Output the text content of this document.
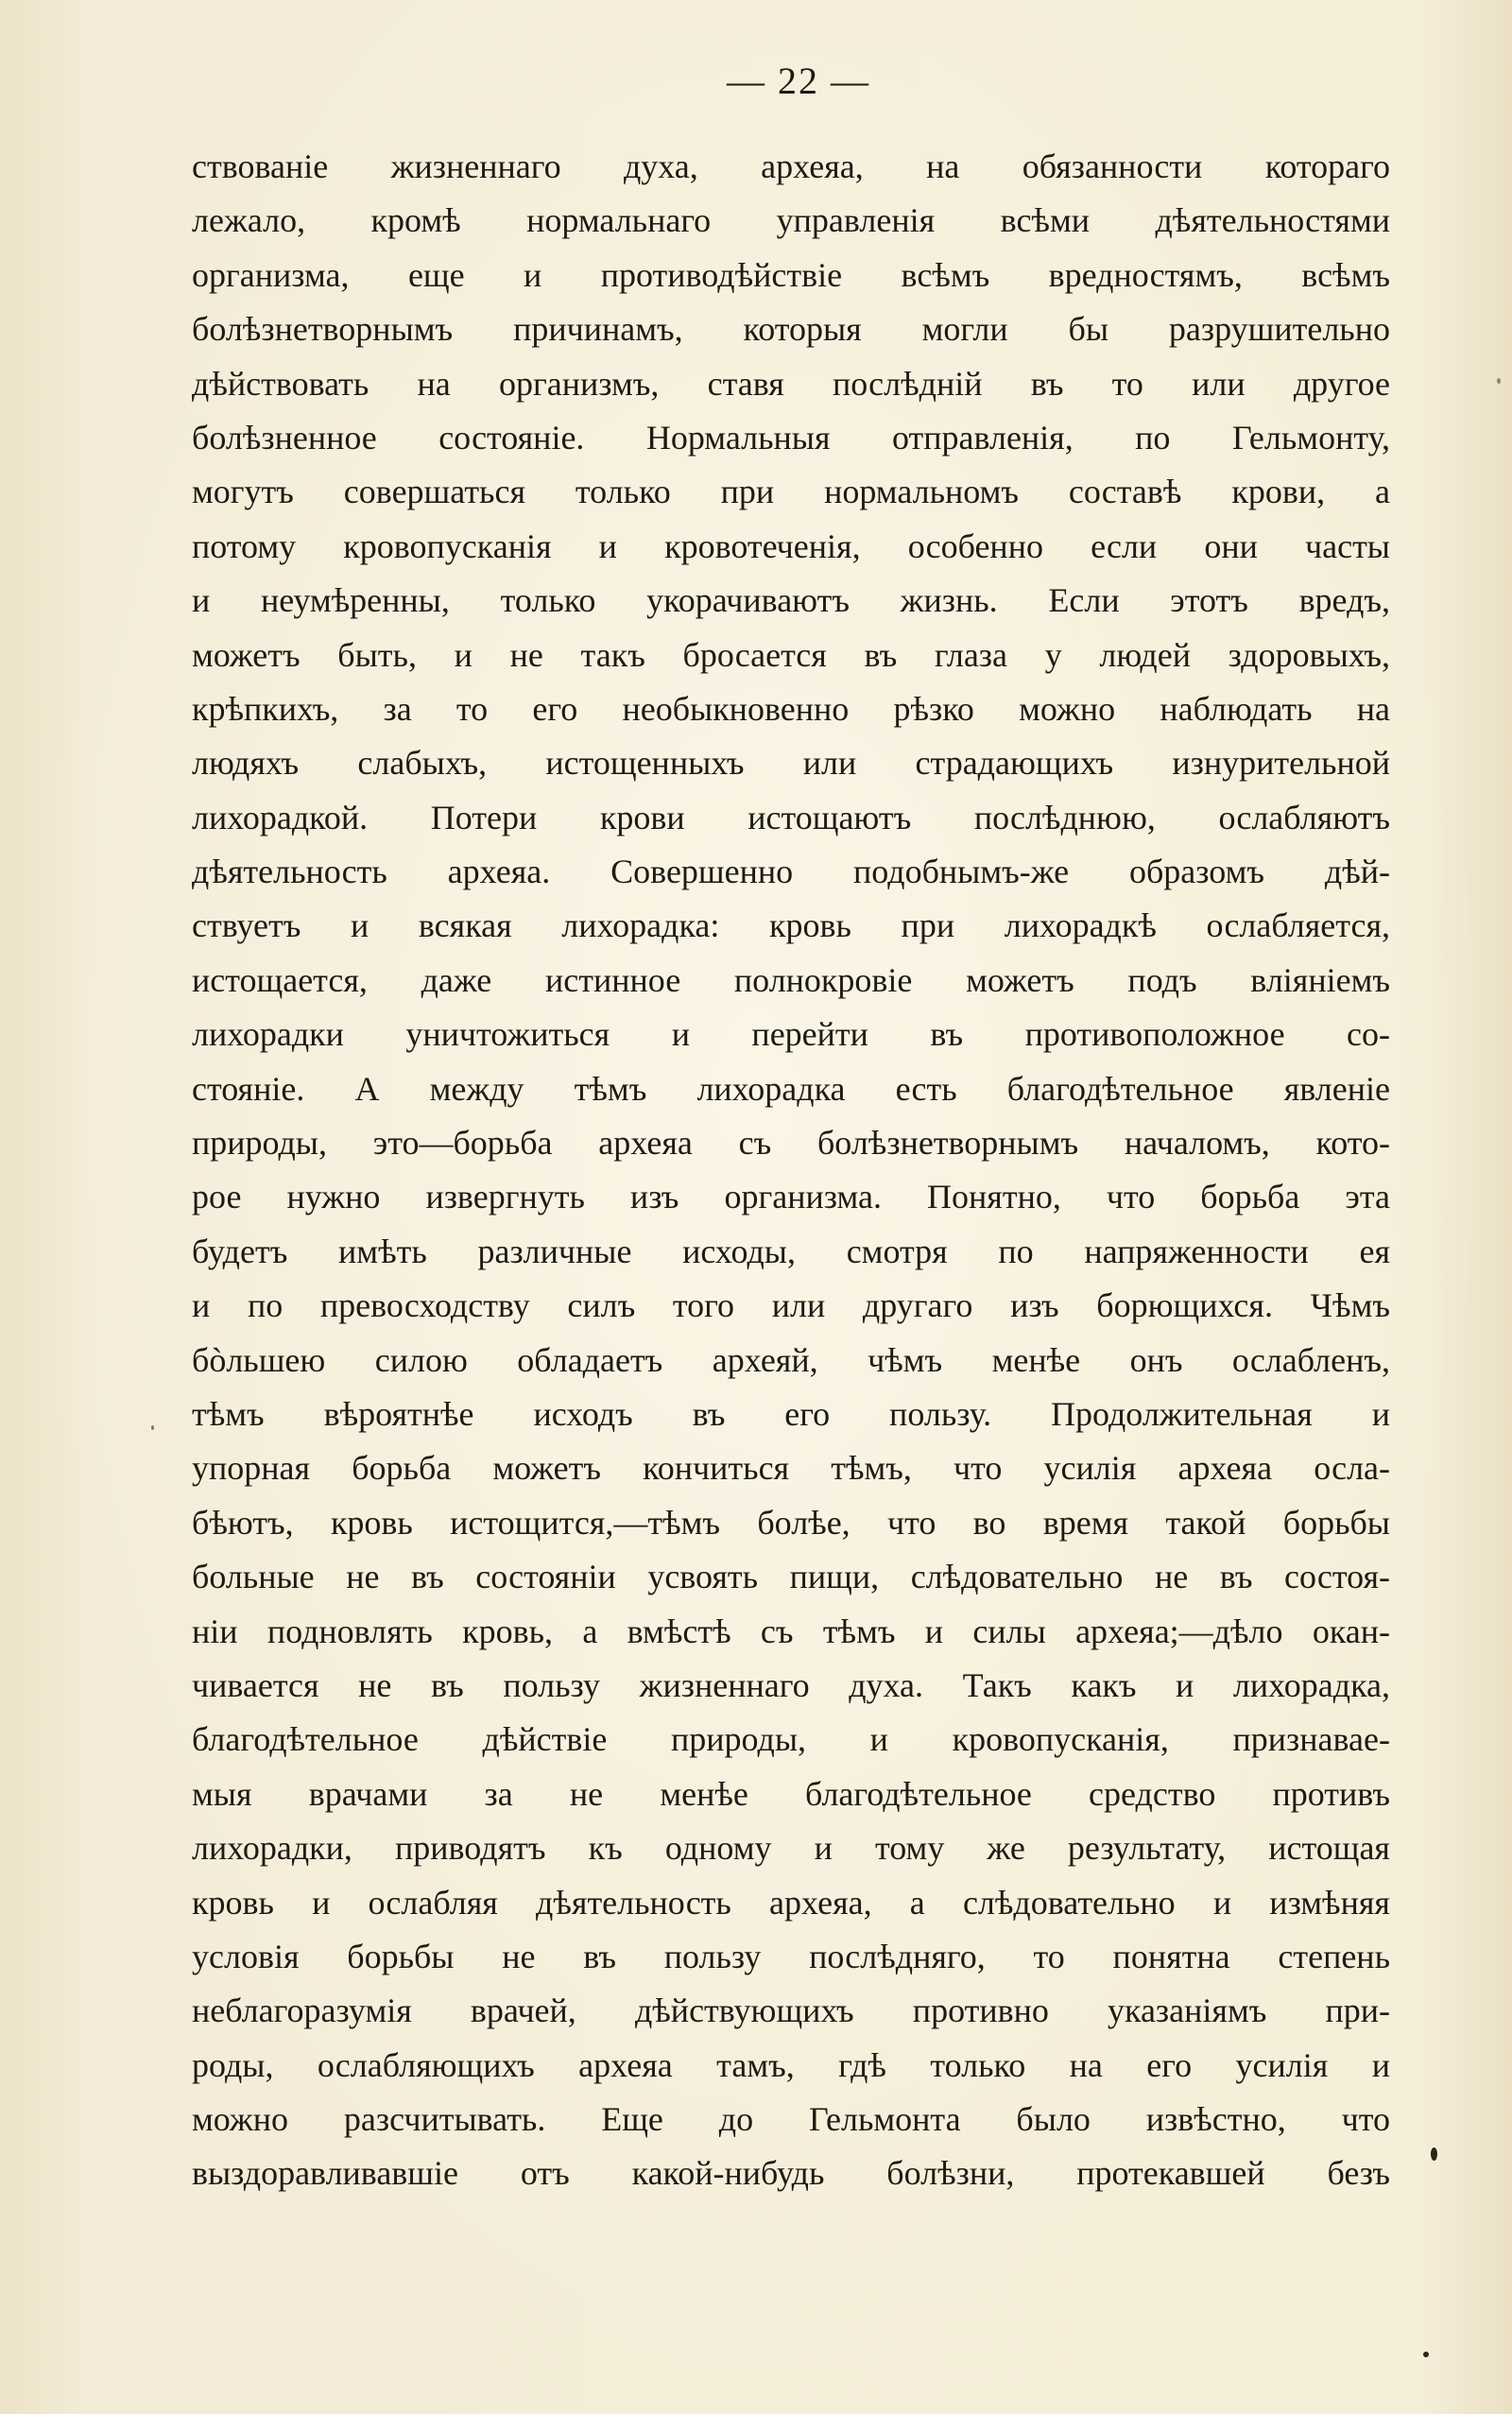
— 22 —
ствованіе жизненнаго духа, археяа, на обязанности котораго
лежало, кромѣ нормальнаго управленія всѣми дѣятельностями
организма, еще и противодѣйствіе всѣмъ вредностямъ, всѣмъ
болѣзнетворнымъ причинамъ, которыя могли бы разрушительно
дѣйствовать на организмъ, ставя послѣдній въ то или другое
болѣзненное состояніе. Нормальныя отправленія, по Гельмонту,
могутъ совершаться только при нормальномъ составѣ крови, а
потому кровопусканія и кровотеченія, особенно если они часты
и неумѣренны, только укорачиваютъ жизнь. Если этотъ вредъ,
можетъ быть, и не такъ бросается въ глаза у людей здоровыхъ,
крѣпкихъ, за то его необыкновенно рѣзко можно наблюдать на
людяхъ слабыхъ, истощенныхъ или страдающихъ изнурительной
лихорадкой. Потери крови истощаютъ послѣднюю, ослабляютъ
дѣятельность археяа. Совершенно подобнымъ-же образомъ дѣй-
ствуетъ и всякая лихорадка: кровь при лихорадкѣ ослабляется,
истощается, даже истинное полнокровіе можетъ подъ вліяніемъ
лихорадки уничтожиться и перейти въ противоположное со-
стояніе. А между тѣмъ лихорадка есть благодѣтельное явленіе
природы, это—борьба археяа съ болѣзнетворнымъ началомъ, кото-
рое нужно извергнуть изъ организма. Понятно, что борьба эта
будетъ имѣть различные исходы, смотря по напряженности ея
и по превосходству силъ того или другаго изъ борющихся. Чѣмъ
бòльшею силою обладаетъ археяй, чѣмъ менѣе онъ ослабленъ,
тѣмъ вѣроятнѣе исходъ въ его пользу. Продолжительная и
упорная борьба можетъ кончиться тѣмъ, что усилія археяа осла-
бѣютъ, кровь истощится,—тѣмъ болѣе, что во время такой борьбы
больные не въ состояніи усвоять пищи, слѣдовательно не въ состоя-
ніи подновлять кровь, а вмѣстѣ съ тѣмъ и силы археяа;—дѣло окан-
чивается не въ пользу жизненнаго духа. Такъ какъ и лихорадка,
благодѣтельное дѣйствіе природы, и кровопусканія, признавае-
мыя врачами за не менѣе благодѣтельное средство противъ
лихорадки, приводятъ къ одному и тому же результату, истощая
кровь и ослабляя дѣятельность археяа, а слѣдовательно и измѣняя
условія борьбы не въ пользу послѣдняго, то понятна степень
неблагоразумія врачей, дѣйствующихъ противно указаніямъ при-
роды, ослабляющихъ археяа тамъ, гдѣ только на его усилія и
можно разсчитывать. Еще до Гельмонта было извѣстно, что
выздоравливавшіе отъ какой-нибудь болѣзни, протекавшей безъ
